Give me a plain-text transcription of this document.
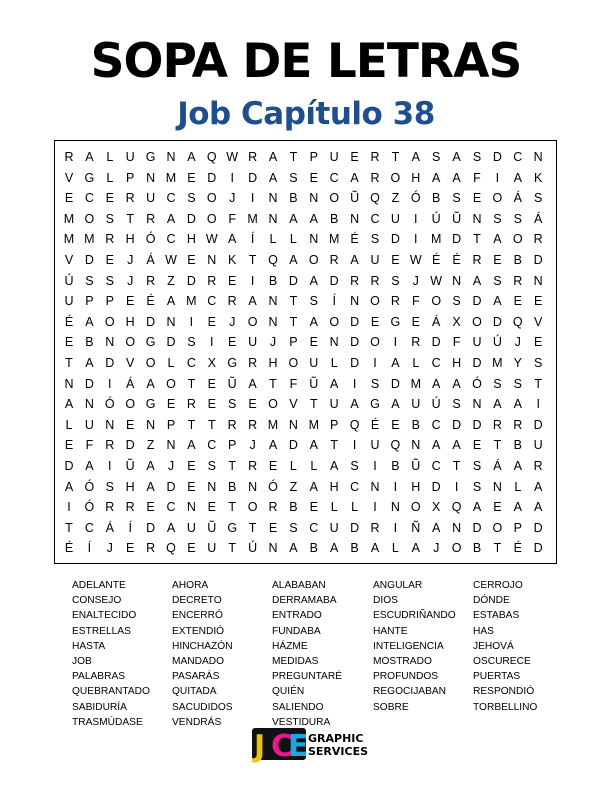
SOPA DE LETRAS
Job Capítulo 38
R A	L U G N A Q W R A T P U E R T A S A S D C N
V G L	P N M E D	I	D A S E C A R O H A A F	I	A K
E C E R U C S O J	I	N B N O Ũ Q Z Ó B S E O Á S
M O S T R A D O F M N A A B N C U	I	Ú Ũ N S S Á
M M R H Ó C H W A	Í	L	L N M É S D	I	M D T A O R
V D E	J	Á W E N K T Q A O R A U E W É É R E B D
Ú S S	J	R Z D R E	I	B D A D R R S	J W N A S R N
U P P E É A M C R A N T S	Í	N O R F O S D A E E
É A O H D N	I	E	J O N T A O D E G E Á X O D Q V
E B N O G D S	I	E U	J	P E N D O	I	R D F U Ú	J	E
T A D V O L C X G R H O U L D	I	A	L C H D M Y S
N D	I	Á A O T E Ũ A T	F Ũ A	I	S D M A A Ó S S T
A N Ó O G E R E S E O V T U A G A U Ú S N A A	I
L U N E N P T	T R R M N M P Q É E B C D D R R D
E F R D Z N A C P	J	A D A T	I	U Q N A A E T B U
D A	I	Ũ A	J	E S T R E	L	L	A S	I	B Ũ C T S Á A R
A Ó S H A D E N B N Ó Z A H C N	I	H D	I	S N L	A
I	Ó R R E C N E T O R B E	L	L	I	N O X Q A E A A
T C Á	Í	D A U Ũ G T E S C U D R	I	Ñ A N D O P D
É	Í	J	E R Q E U T Ú N A B A B A	L	A	J O B T É D
ADELANTE
CONSEJO
ENALTECIDO
ESTRELLAS
HASTA
JOB
PALABRAS
QUEBRANTADO
SABIDURÍA
TRASMÚDASE
AHORA
DECRETO
ENCERRÓ
EXTENDIÓ
HINCHAZÓN
MANDADO
PASARÁS
QUITADA
SACUDIDOS
VENDRÁS
ALABABAN
DERRAMABA
ENTRADO
FUNDABA
HÁZME
MEDIDAS
PREGUNTARÉ
QUIÉN
SALIENDO
VESTIDURA
ANGULAR
DIOS
ESCUDRIÑANDO
HANTE
INTELIGENCIA
MOSTRADO
PROFUNDOS
REGOCIJABAN
SOBRE
CERROJO
DÓNDE
ESTABAS
HAS
JEHOVÁ
OSCURECE
PUERTAS
RESPONDIÓ
TORBELLINO
J C
E GRAPHIC
SERVICES
